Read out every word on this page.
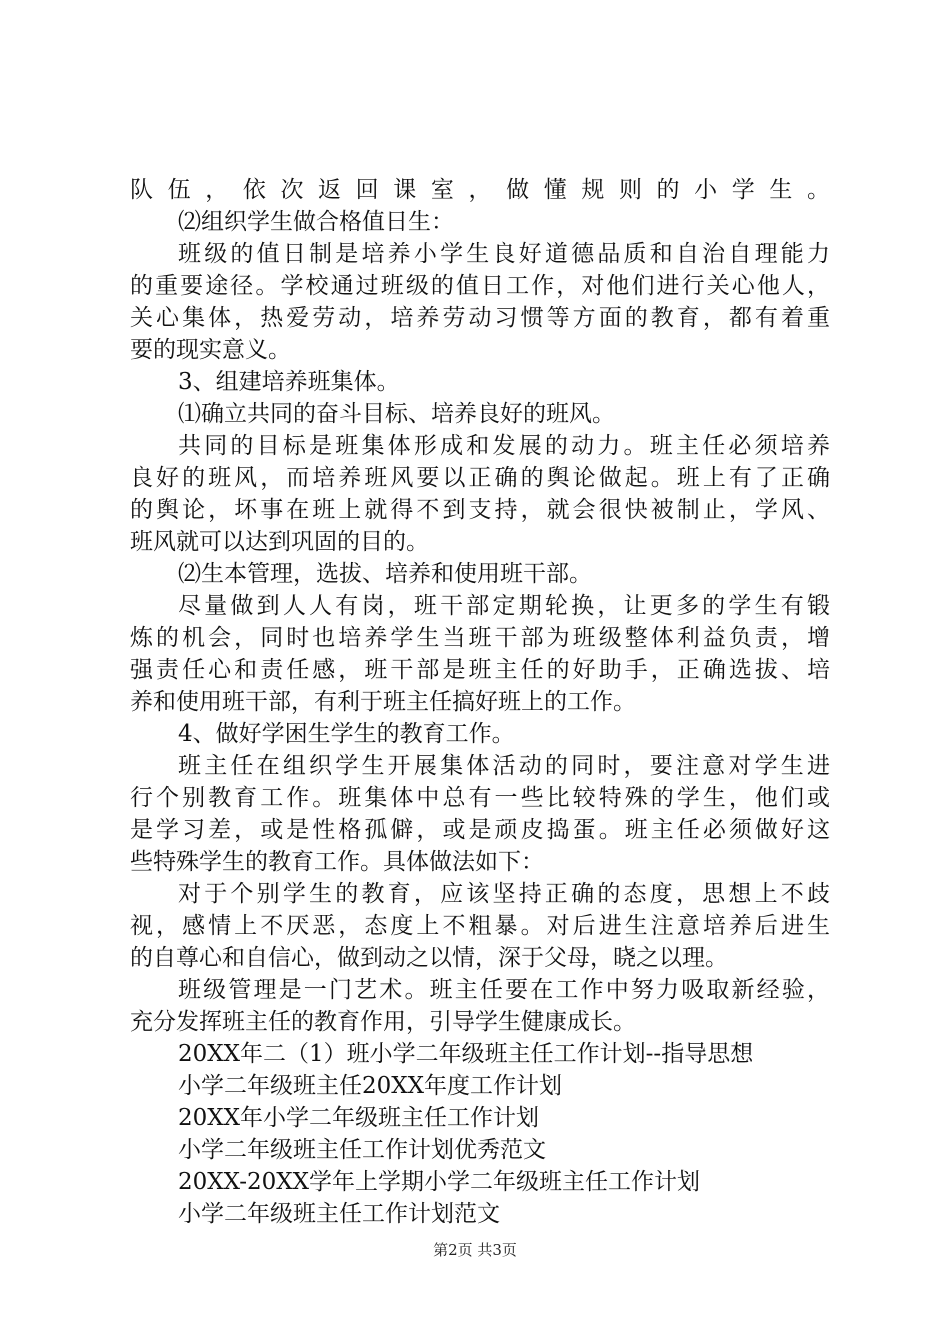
队伍，依次返回课室，做懂规则的小学生。
⑵组织学生做合格值日生：
班级的值日制是培养小学生良好道德品质和自治自理能力
的重要途径。学校通过班级的值日工作，对他们进行关心他人，
关心集体，热爱劳动，培养劳动习惯等方面的教育，都有着重
要的现实意义。
3、组建培养班集体。
⑴确立共同的奋斗目标、培养良好的班风。
共同的目标是班集体形成和发展的动力。班主任必须培养
良好的班风，而培养班风要以正确的舆论做起。班上有了正确
的舆论，坏事在班上就得不到支持，就会很快被制止，学风、
班风就可以达到巩固的目的。
⑵生本管理，选拔、培养和使用班干部。
尽量做到人人有岗，班干部定期轮换，让更多的学生有锻
炼的机会，同时也培养学生当班干部为班级整体利益负责，增
强责任心和责任感，班干部是班主任的好助手，正确选拔、培
养和使用班干部，有利于班主任搞好班上的工作。
4、做好学困生学生的教育工作。
班主任在组织学生开展集体活动的同时，要注意对学生进
行个别教育工作。班集体中总有一些比较特殊的学生，他们或
是学习差，或是性格孤僻，或是顽皮捣蛋。班主任必须做好这
些特殊学生的教育工作。具体做法如下：
对于个别学生的教育，应该坚持正确的态度，思想上不歧
视，感情上不厌恶，态度上不粗暴。对后进生注意培养后进生
的自尊心和自信心，做到动之以情，深于父母，晓之以理。
班级管理是一门艺术。班主任要在工作中努力吸取新经验，
充分发挥班主任的教育作用，引导学生健康成长。
20XX年二（1）班小学二年级班主任工作计划--指导思想
小学二年级班主任20XX年度工作计划
20XX年小学二年级班主任工作计划
小学二年级班主任工作计划优秀范文
20XX-20XX学年上学期小学二年级班主任工作计划
小学二年级班主任工作计划范文
第2页 共3页
